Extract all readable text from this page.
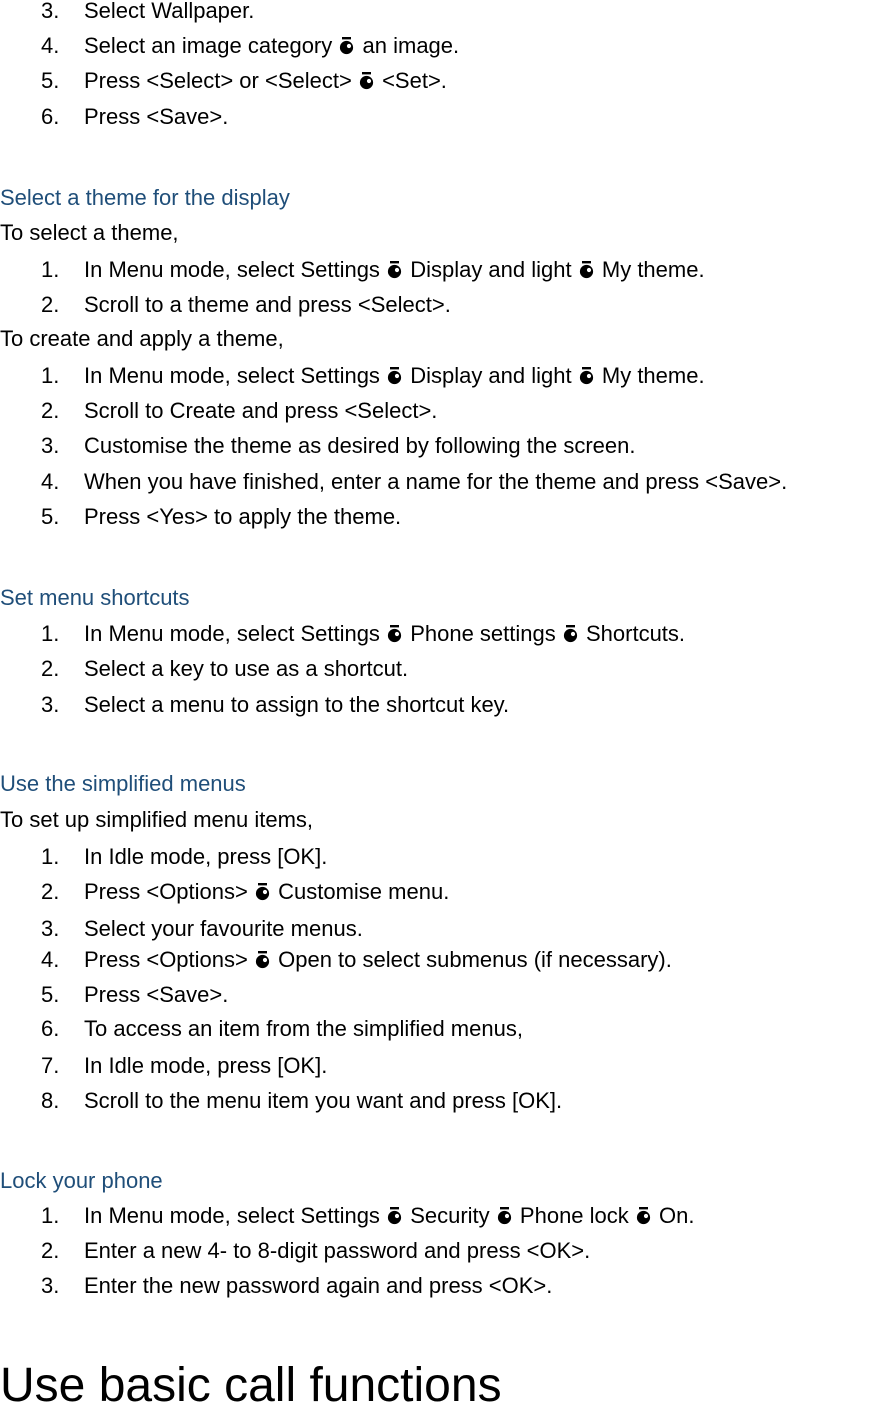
3. Select Wallpaper.
4. Select an image category an image.
5. Press <Select> or <Select> <Set>.
6. Press <Save>.
Select a theme for the display
To select a theme,
1. In Menu mode, select Settings Display and light My theme.
2. Scroll to a theme and press <Select>.
To create and apply a theme,
1. In Menu mode, select Settings Display and light My theme.
2. Scroll to Create and press <Select>.
3. Customise the theme as desired by following the screen.
4. When you have finished, enter a name for the theme and press <Save>.
5. Press <Yes> to apply the theme.
Set menu shortcuts
1. In Menu mode, select Settings Phone settings Shortcuts.
2. Select a key to use as a shortcut.
3. Select a menu to assign to the shortcut key.
Use the simplified menus
To set up simplified menu items,
1. In Idle mode, press [OK].
2. Press <Options> Customise menu.
3. Select your favourite menus.
4. Press <Options> Open to select submenus (if necessary).
5. Press <Save>.
6. To access an item from the simplified menus,
7. In Idle mode, press [OK].
8. Scroll to the menu item you want and press [OK].
Lock your phone
1. In Menu mode, select Settings Security Phone lock On.
2. Enter a new 4- to 8-digit password and press <OK>.
3. Enter the new password again and press <OK>.
Use basic call functions
